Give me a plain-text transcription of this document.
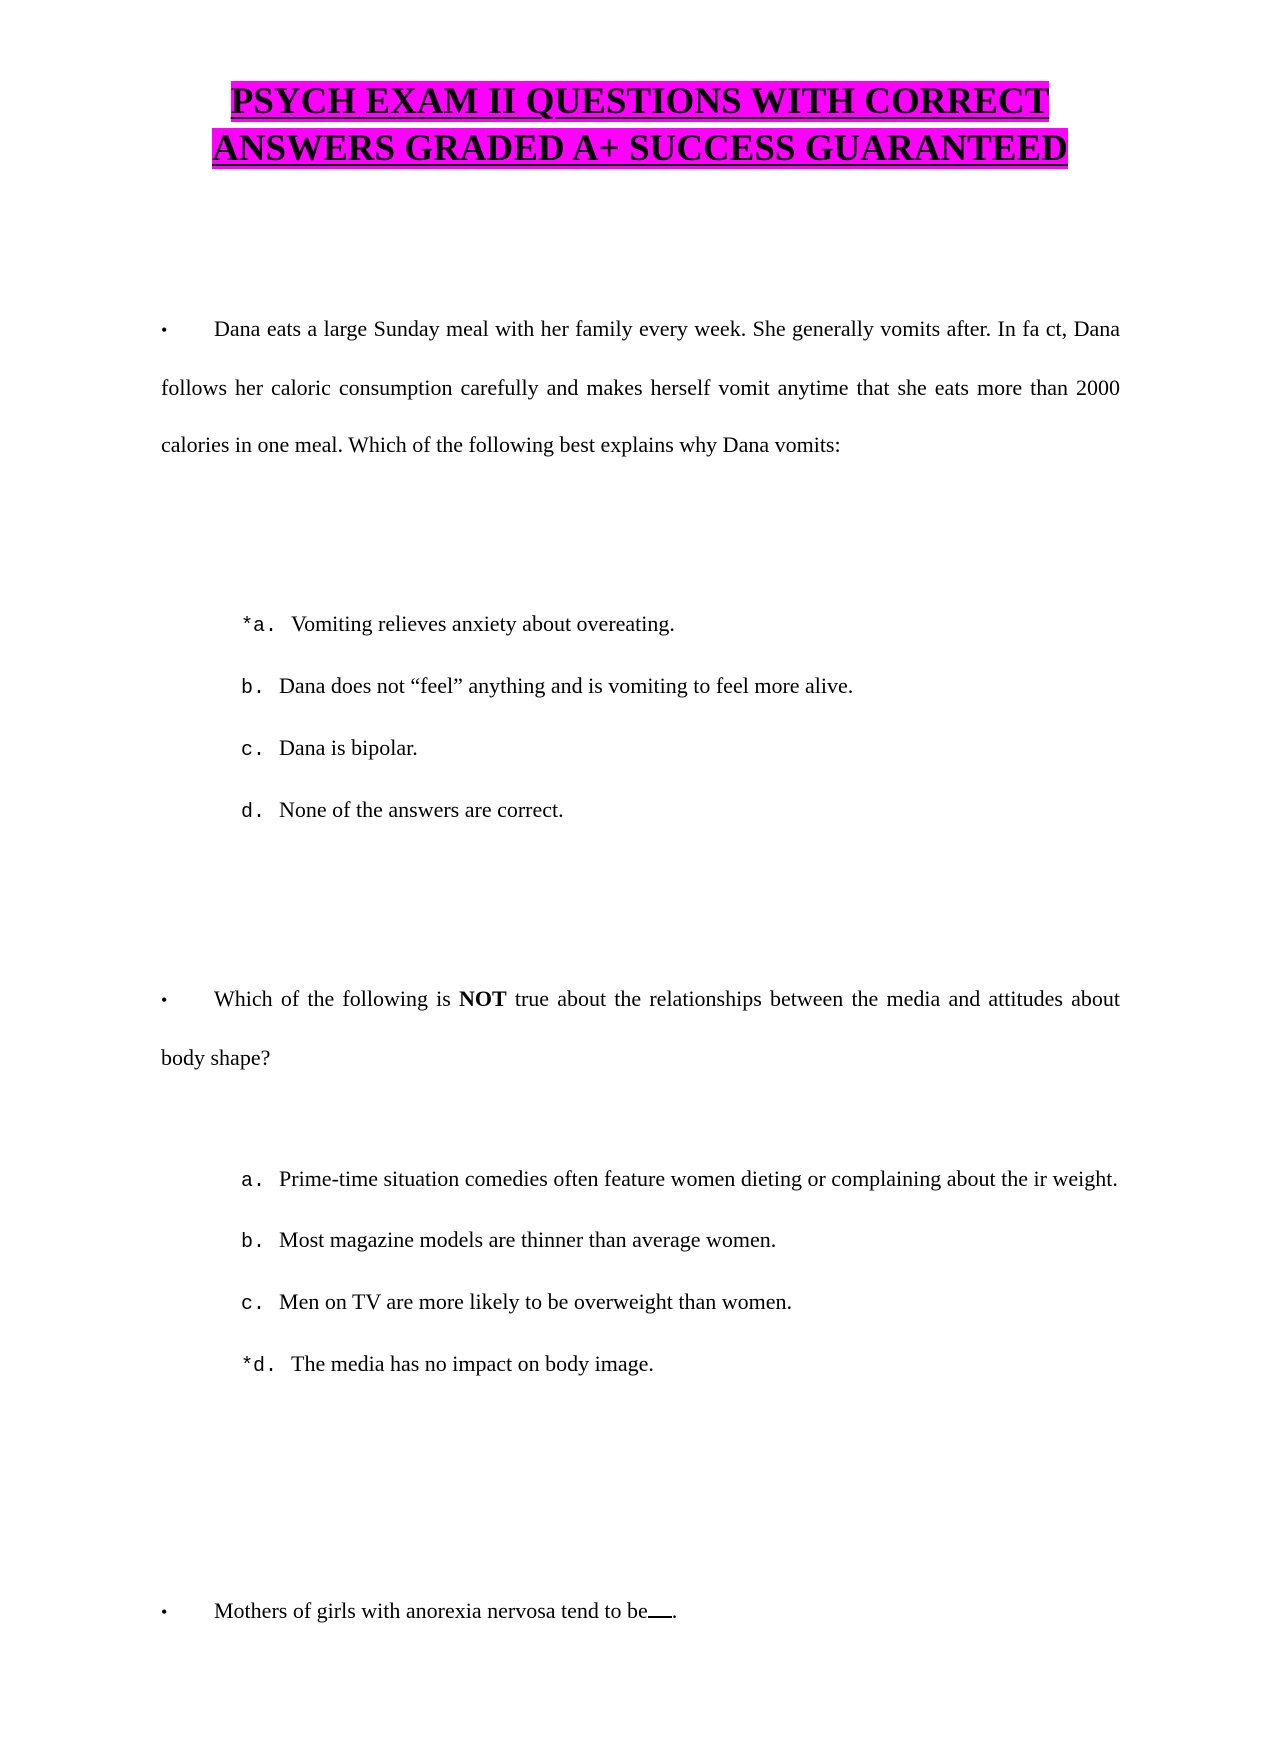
PSYCH EXAM II QUESTIONS WITH CORRECT
ANSWERS GRADED A+ SUCCESS GUARANTEED

• Dana eats a large Sunday meal with her family every week. She generally vomits after. In fa ct, Dana follows her caloric consumption carefully and makes herself vomit anytime that she eats more than 2000 calories in one meal. Which of the following best explains why Dana vomits:

*a. Vomiting relieves anxiety about overeating.

b. Dana does not “feel” anything and is vomiting to feel more alive.

c. Dana is bipolar.

d. None of the answers are correct.

• Which of the following is NOT true about the relationships between the media and attitudes about body shape?

a. Prime-time situation comedies often feature women dieting or complaining about the ir weight.

b. Most magazine models are thinner than average women.

c. Men on TV are more likely to be overweight than women.

*d. The media has no impact on body image.

• Mothers of girls with anorexia nervosa tend to be .
